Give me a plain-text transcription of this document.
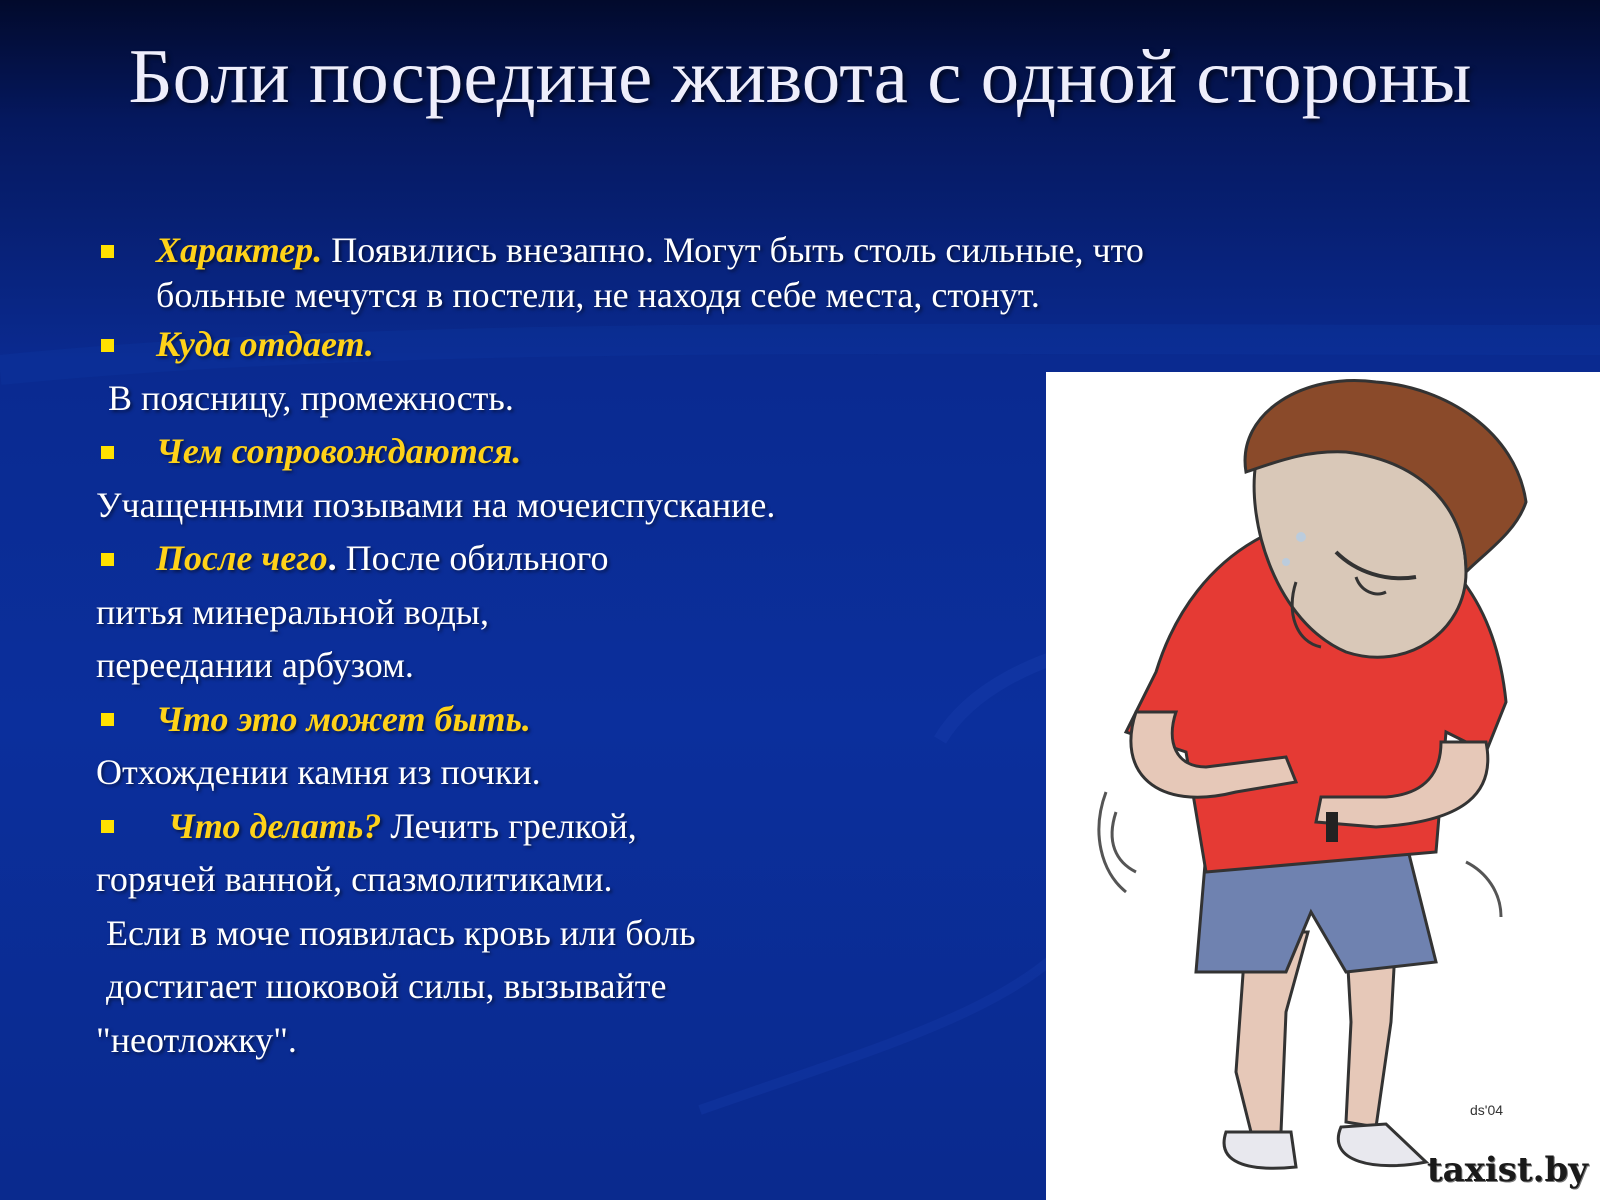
Боли посредине живота с одной стороны
Характер. Появились внезапно. Могут быть столь сильные, что
больные мечутся в постели, не находя себе места, стонут.
Куда отдает.
В поясницу, промежность.
Чем сопровождаются.
Учащенными позывами на мочеиспускание.
После чего. После обильного
питья минеральной воды,
переедании арбузом.
Что это может быть.
Отхождении камня из почки.
Что делать? Лечить грелкой,
горячей ванной, спазмолитиками.
Если в моче появилась кровь или боль
достигает шоковой силы, вызывайте
"неотложку".
ds'04
taxist.by
